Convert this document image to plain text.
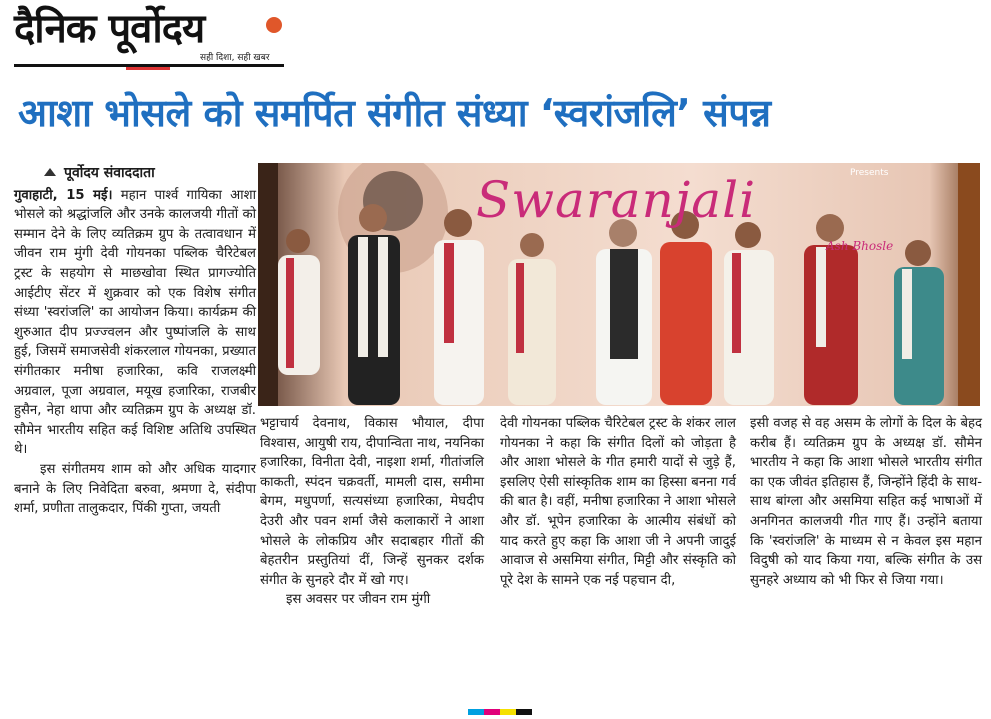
दैनिक पूर्वोदय
सही दिशा, सही खबर
आशा भोसले को समर्पित संगीत संध्या ‘स्वरांजलि’ संपन्न
पूर्वोदय संवाददाता

गुवाहाटी, 15 मई। महान पार्श्व गायिका आशा भोसले को श्रद्धांजलि और उनके कालजयी गीतों को सम्मान देने के लिए व्यतिक्रम ग्रुप के तत्वावधान में जीवन राम मुंगी देवी गोयनका पब्लिक चैरिटेबल ट्रस्ट के सहयोग से माछखोवा स्थित प्रागज्योति आईटीए सेंटर में शुक्रवार को एक विशेष संगीत संध्या 'स्वरांजलि' का आयोजन किया। कार्यक्रम की शुरुआत दीप प्रज्ज्वलन और पुष्पांजलि के साथ हुई, जिसमें समाजसेवी शंकरलाल गोयनका, प्रख्यात संगीतकार मनीषा हजारिका, कवि राजलक्ष्मी अग्रवाल, पूजा अग्रवाल, मयूख हजारिका, राजबीर हुसैन, नेहा थापा और व्यतिक्रम ग्रुप के अध्यक्ष डॉ. सौमेन भारतीय सहित कई विशिष्ट अतिथि उपस्थित थे।

इस संगीतमय शाम को और अधिक यादगार बनाने के लिए निवेदिता बरुवा, श्रमणा दे, संदीपा शर्मा, प्रणीता तालुकदार, पिंकी गुप्ता, जयती

Presents
Swaranjali
Ash Bhosle

भट्टाचार्य देवनाथ, विकास भौयाल, दीपा विश्वास, आयुषी राय, दीपान्विता नाथ, नयनिका हजारिका, विनीता देवी, नाइशा शर्मा, गीतांजलि काकती, स्पंदन चक्रवर्ती, मामली दास, समीमा बेगम, मधुपर्णा, सत्यसंध्या हजारिका, मेघदीप देउरी और पवन शर्मा जैसे कलाकारों ने आशा भोसले के लोकप्रिय और सदाबहार गीतों की बेहतरीन प्रस्तुतियां दीं, जिन्हें सुनकर दर्शक संगीत के सुनहरे दौर में खो गए।

इस अवसर पर जीवन राम मुंगी

देवी गोयनका पब्लिक चैरिटेबल ट्रस्ट के शंकर लाल गोयनका ने कहा कि संगीत दिलों को जोड़ता है और आशा भोसले के गीत हमारी यादों से जुड़े हैं, इसलिए ऐसी सांस्कृतिक शाम का हिस्सा बनना गर्व की बात है। वहीं, मनीषा हजारिका ने आशा भोसले और डॉ. भूपेन हजारिका के आत्मीय संबंधों को याद करते हुए कहा कि आशा जी ने अपनी जादुई आवाज से असमिया संगीत, मिट्टी और संस्कृति को पूरे देश के सामने एक नई पहचान दी,

इसी वजह से वह असम के लोगों के दिल के बेहद करीब हैं। व्यतिक्रम ग्रुप के अध्यक्ष डॉ. सौमेन भारतीय ने कहा कि आशा भोसले भारतीय संगीत का एक जीवंत इतिहास हैं, जिन्होंने हिंदी के साथ-साथ बांग्ला और असमिया सहित कई भाषाओं में अनगिनत कालजयी गीत गाए हैं। उन्होंने बताया कि 'स्वरांजलि' के माध्यम से न केवल इस महान विदुषी को याद किया गया, बल्कि संगीत के उस सुनहरे अध्याय को भी फिर से जिया गया।
